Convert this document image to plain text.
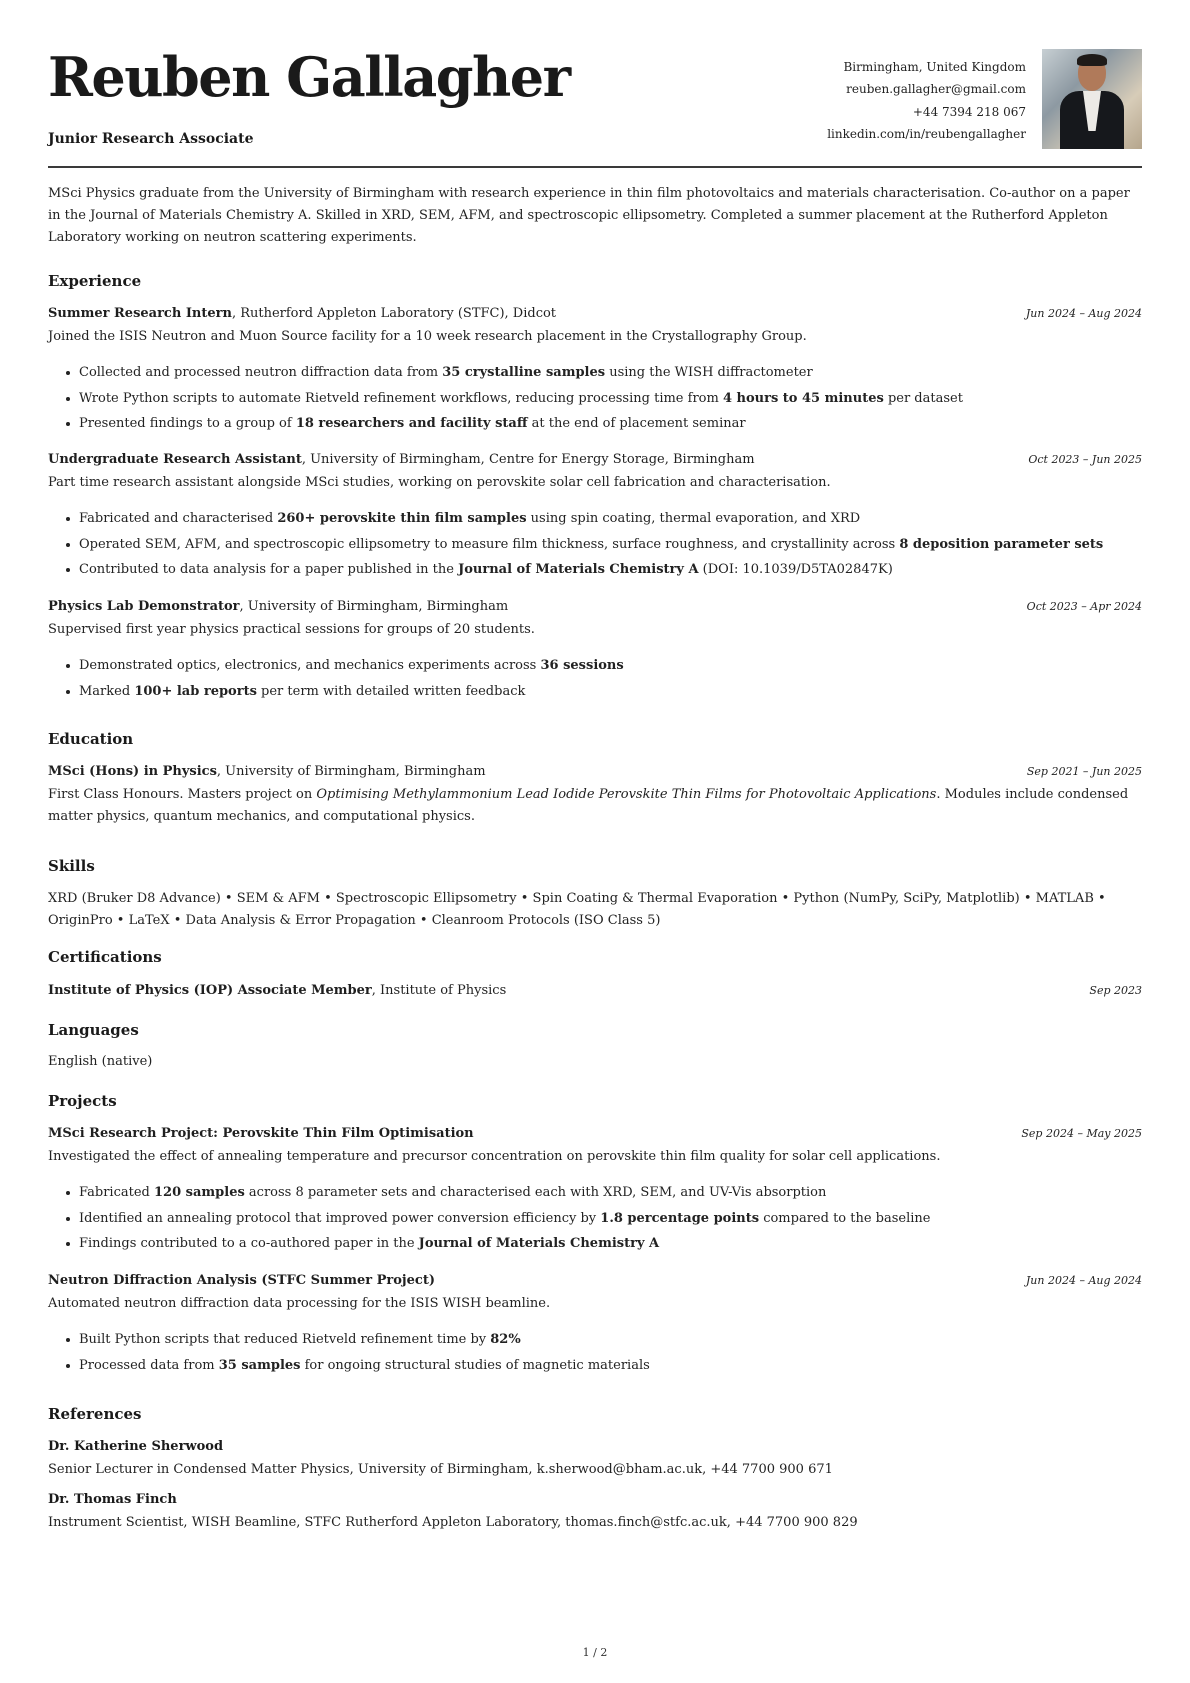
Reuben Gallagher
Junior Research Associate
Birmingham, United Kingdom
reuben.gallagher@gmail.com
+44 7394 218 067
linkedin.com/in/reubengallagher
MSci Physics graduate from the University of Birmingham with research experience in thin film photovoltaics and materials characterisation. Co-author on a paper in the Journal of Materials Chemistry A. Skilled in XRD, SEM, AFM, and spectroscopic ellipsometry. Completed a summer placement at the Rutherford Appleton Laboratory working on neutron scattering experiments.
Experience
Summer Research Intern, Rutherford Appleton Laboratory (STFC), Didcot	Jun 2024 – Aug 2024
Joined the ISIS Neutron and Muon Source facility for a 10 week research placement in the Crystallography Group.
Collected and processed neutron diffraction data from 35 crystalline samples using the WISH diffractometer
Wrote Python scripts to automate Rietveld refinement workflows, reducing processing time from 4 hours to 45 minutes per dataset
Presented findings to a group of 18 researchers and facility staff at the end of placement seminar
Undergraduate Research Assistant, University of Birmingham, Centre for Energy Storage, Birmingham	Oct 2023 – Jun 2025
Part time research assistant alongside MSci studies, working on perovskite solar cell fabrication and characterisation.
Fabricated and characterised 260+ perovskite thin film samples using spin coating, thermal evaporation, and XRD
Operated SEM, AFM, and spectroscopic ellipsometry to measure film thickness, surface roughness, and crystallinity across 8 deposition parameter sets
Contributed to data analysis for a paper published in the Journal of Materials Chemistry A (DOI: 10.1039/D5TA02847K)
Physics Lab Demonstrator, University of Birmingham, Birmingham	Oct 2023 – Apr 2024
Supervised first year physics practical sessions for groups of 20 students.
Demonstrated optics, electronics, and mechanics experiments across 36 sessions
Marked 100+ lab reports per term with detailed written feedback
Education
MSci (Hons) in Physics, University of Birmingham, Birmingham	Sep 2021 – Jun 2025
First Class Honours. Masters project on Optimising Methylammonium Lead Iodide Perovskite Thin Films for Photovoltaic Applications. Modules include condensed matter physics, quantum mechanics, and computational physics.
Skills
XRD (Bruker D8 Advance) • SEM & AFM • Spectroscopic Ellipsometry • Spin Coating & Thermal Evaporation • Python (NumPy, SciPy, Matplotlib) • MATLAB • OriginPro • LaTeX • Data Analysis & Error Propagation • Cleanroom Protocols (ISO Class 5)
Certifications
Institute of Physics (IOP) Associate Member, Institute of Physics	Sep 2023
Languages
English (native)
Projects
MSci Research Project: Perovskite Thin Film Optimisation	Sep 2024 – May 2025
Investigated the effect of annealing temperature and precursor concentration on perovskite thin film quality for solar cell applications.
Fabricated 120 samples across 8 parameter sets and characterised each with XRD, SEM, and UV-Vis absorption
Identified an annealing protocol that improved power conversion efficiency by 1.8 percentage points compared to the baseline
Findings contributed to a co-authored paper in the Journal of Materials Chemistry A
Neutron Diffraction Analysis (STFC Summer Project)	Jun 2024 – Aug 2024
Automated neutron diffraction data processing for the ISIS WISH beamline.
Built Python scripts that reduced Rietveld refinement time by 82%
Processed data from 35 samples for ongoing structural studies of magnetic materials
References
Dr. Katherine Sherwood
Senior Lecturer in Condensed Matter Physics, University of Birmingham, k.sherwood@bham.ac.uk, +44 7700 900 671
Dr. Thomas Finch
Instrument Scientist, WISH Beamline, STFC Rutherford Appleton Laboratory, thomas.finch@stfc.ac.uk, +44 7700 900 829
1 / 2
